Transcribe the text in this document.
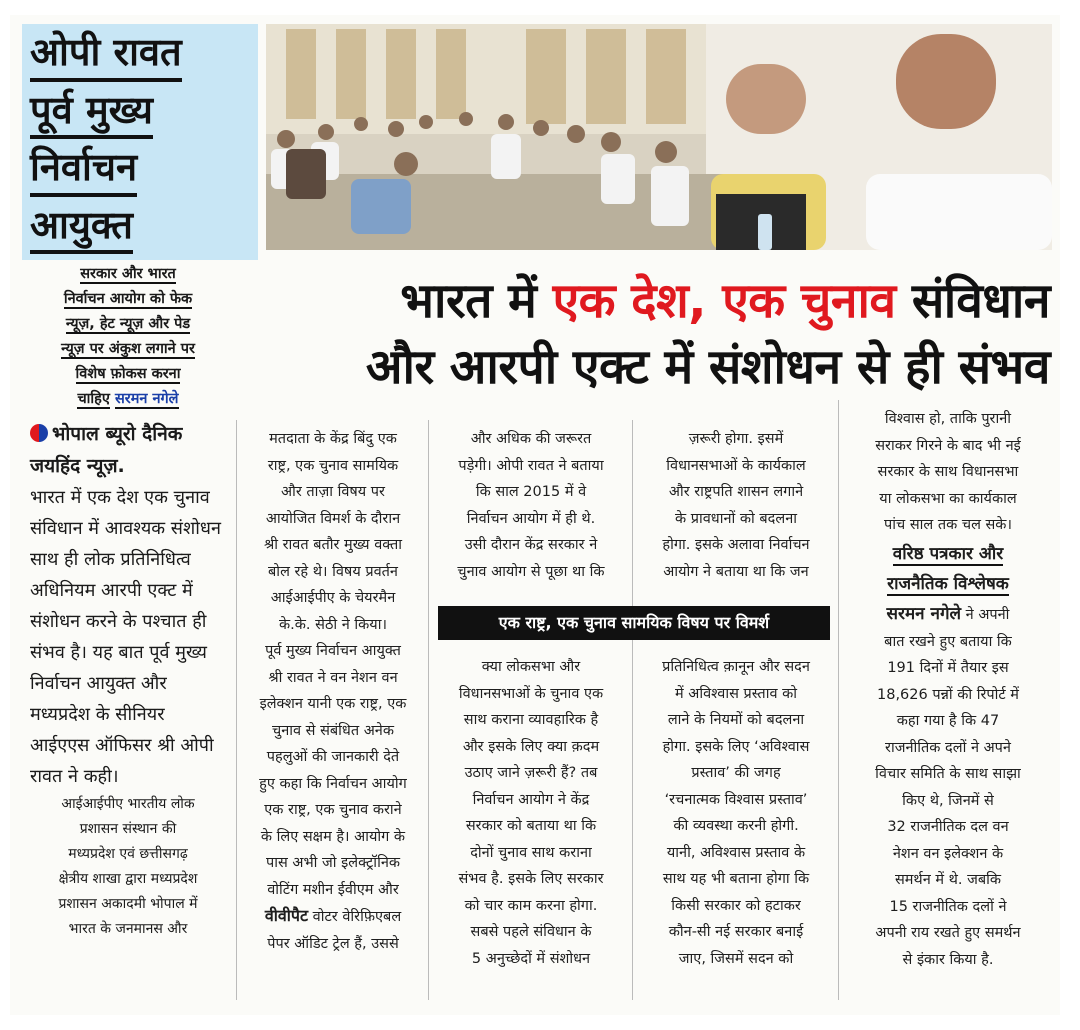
ओपी रावत
पूर्व मुख्य
निर्वाचन
आयुक्त
भारत में एक देश, एक चुनाव संविधान
और आरपी एक्ट में संशोधन से ही संभव
सरकार और भारत
निर्वाचन आयोग को फेक
न्यूज़, हेट न्यूज़ और पेड
न्यूज़ पर अंकुश लगाने पर
विशेष फ़ोकस करना
चाहिए सरमन नगेले
भोपाल ब्यूरो दैनिक जयहिंद न्यूज़.
भारत में एक देश एक चुनाव संविधान में आवश्यक संशोधन साथ ही लोक प्रतिनिधित्व अधिनियम आरपी एक्ट में संशोधन करने के पश्चात ही संभव है। यह बात पूर्व मुख्य निर्वाचन आयुक्त और मध्यप्रदेश के सीनियर आईएएस ऑफिसर श्री ओपी रावत ने कही।
आईआईपीए भारतीय लोक
प्रशासन संस्थान की
मध्यप्रदेश एवं छत्तीसगढ़
क्षेत्रीय शाखा द्वारा मध्यप्रदेश
प्रशासन अकादमी भोपाल में
भारत के जनमानस और

मतदाता के केंद्र बिंदु एक

राष्ट्र, एक चुनाव सामयिक

और ताज़ा विषय पर

आयोजित विमर्श के दौरान

श्री रावत बतौर मुख्य वक्ता

बोल रहे थे। विषय प्रवर्तन

आईआईपीए के चेयरमैन

के.के. सेठी ने किया।

पूर्व मुख्य निर्वाचन आयुक्त

श्री रावत ने वन नेशन वन

इलेक्शन यानी एक राष्ट्र, एक

चुनाव से संबंधित अनेक

पहलुओं की जानकारी देते

हुए कहा कि निर्वाचन आयोग

एक राष्ट्र, एक चुनाव कराने

के लिए सक्षम है। आयोग के

पास अभी जो इलेक्ट्रॉनिक

वोटिंग मशीन ईवीएम और

वीवीपैट वोटर वेरिफ़िएबल

पेपर ऑडिट ट्रेल हैं, उससे

और अधिक की जरूरत

पड़ेगी। ओपी रावत ने बताया

कि साल 2015 में वे

निर्वाचन आयोग में ही थे.

उसी दौरान केंद्र सरकार ने

चुनाव आयोग से पूछा था कि

ज़रूरी होगा. इसमें

विधानसभाओं के कार्यकाल

और राष्ट्रपति शासन लगाने

के प्रावधानों को बदलना

होगा. इसके अलावा निर्वाचन

आयोग ने बताया था कि जन

एक राष्ट्र, एक चुनाव सामयिक विषय पर विमर्श

क्या लोकसभा और

विधानसभाओं के चुनाव एक

साथ कराना व्यावहारिक है

और इसके लिए क्या क़दम

उठाए जाने ज़रूरी हैं? तब

निर्वाचन आयोग ने केंद्र

सरकार को बताया था कि

दोनों चुनाव साथ कराना

संभव है. इसके लिए सरकार

को चार काम करना होगा.

सबसे पहले संविधान के

5 अनुच्छेदों में संशोधन

प्रतिनिधित्व क़ानून और सदन

में अविश्वास प्रस्ताव को

लाने के नियमों को बदलना

होगा. इसके लिए ‘अविश्वास

प्रस्ताव’ की जगह

‘रचनात्मक विश्वास प्रस्ताव’

की व्यवस्था करनी होगी.

यानी, अविश्वास प्रस्ताव के

साथ यह भी बताना होगा कि

किसी सरकार को हटाकर

कौन-सी नई सरकार बनाई

जाए, जिसमें सदन को

विश्वास हो, ताकि पुरानी

सराकर गिरने के बाद भी नई

सरकार के साथ विधानसभा

या लोकसभा का कार्यकाल

पांच साल तक चल सके।

वरिष्ठ पत्रकार और

राजनैतिक विश्लेषक

सरमन नगेले ने अपनी

बात रखने हुए बताया कि

191 दिनों में तैयार इस

18,626 पन्नों की रिपोर्ट में

कहा गया है कि 47

राजनीतिक दलों ने अपने

विचार समिति के साथ साझा

किए थे, जिनमें से

32 राजनीतिक दल वन

नेशन वन इलेक्शन के

समर्थन में थे. जबकि

15 राजनीतिक दलों ने

अपनी राय रखते हुए समर्थन

से इंकार किया है.
